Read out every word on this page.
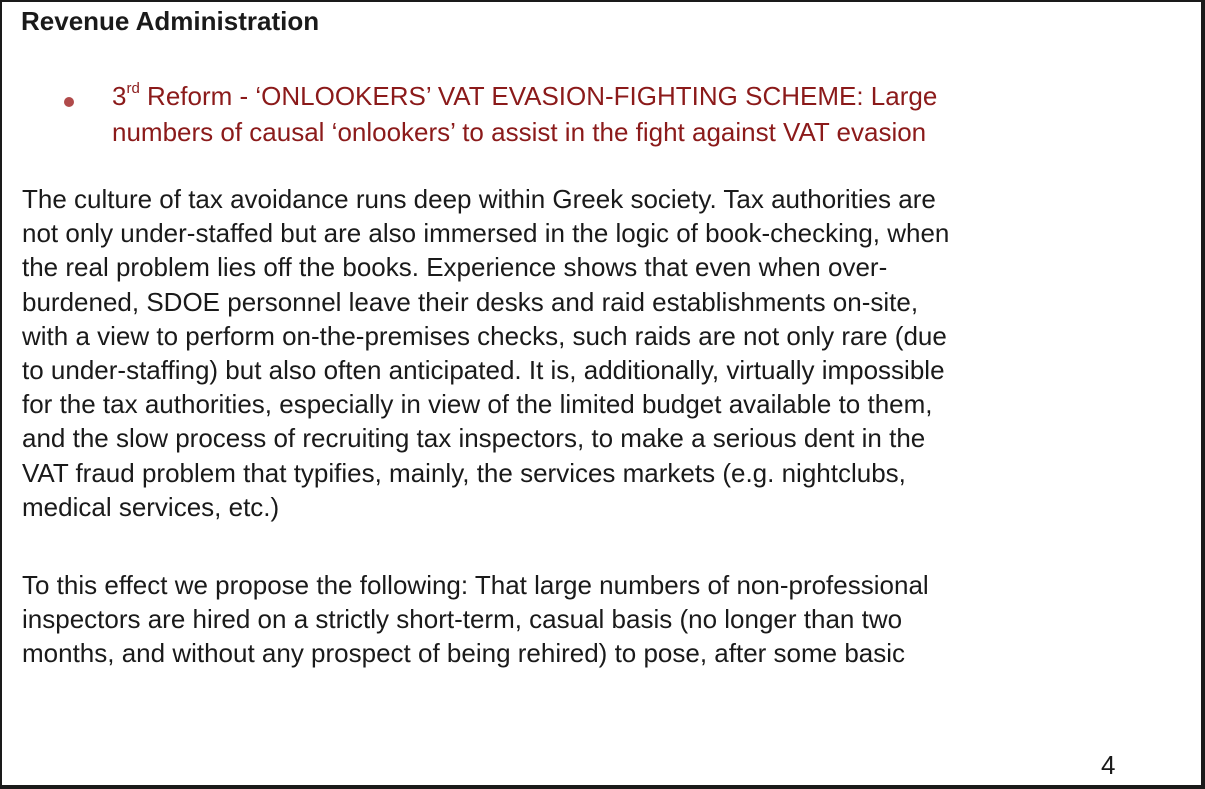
Revenue Administration
3rd Reform - ‘ONLOOKERS’ VAT EVASION-FIGHTING SCHEME: Large
numbers of causal ‘onlookers’ to assist in the fight against VAT evasion
The culture of tax avoidance runs deep within Greek society. Tax authorities are
not only under-staffed but are also immersed in the logic of book-checking, when
the real problem lies off the books. Experience shows that even when over-
burdened, SDOE personnel leave their desks and raid establishments on-site,
with a view to perform on-the-premises checks, such raids are not only rare (due
to under-staffing) but also often anticipated. It is, additionally, virtually impossible
for the tax authorities, especially in view of the limited budget available to them,
and the slow process of recruiting tax inspectors, to make a serious dent in the
VAT fraud problem that typifies, mainly, the services markets (e.g. nightclubs,
medical services, etc.)
To this effect we propose the following: That large numbers of non-professional
inspectors are hired on a strictly short-term, casual basis (no longer than two
months, and without any prospect of being rehired) to pose, after some basic
4
